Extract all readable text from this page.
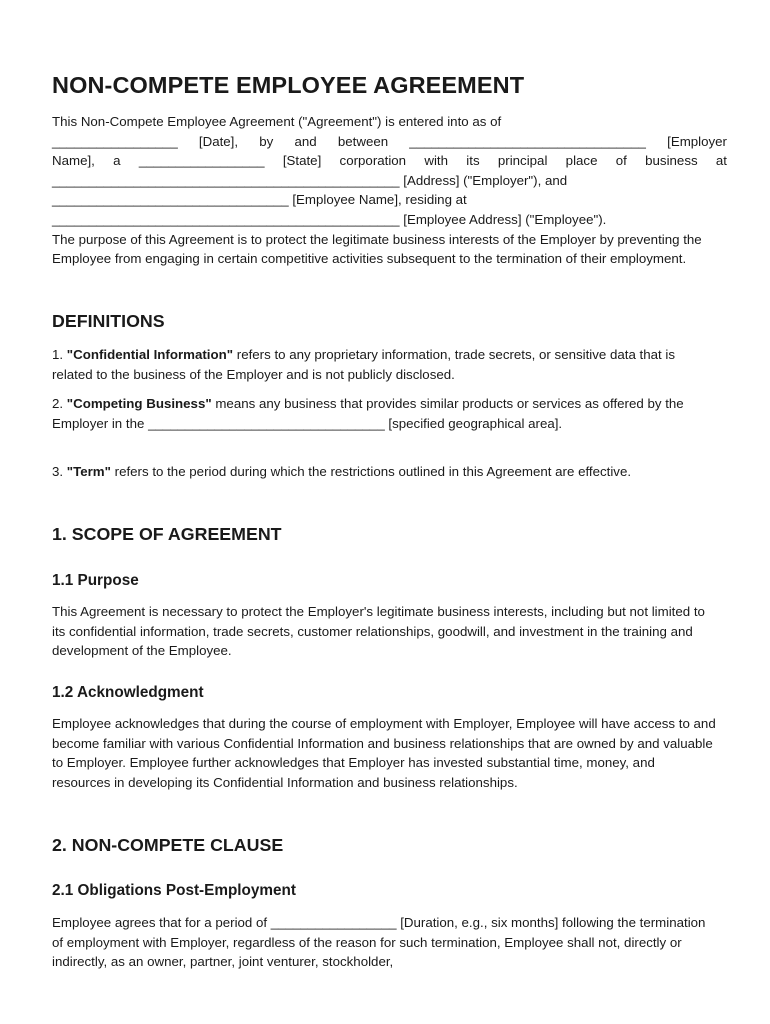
NON-COMPETE EMPLOYEE AGREEMENT
This Non-Compete Employee Agreement ("Agreement") is entered into as of
_________________ [Date], by and between ________________________________ [Employer
Name], a _________________ [State] corporation with its principal place of business at
_______________________________________________ [Address] ("Employer"), and
________________________________ [Employee Name], residing at
_______________________________________________ [Employee Address] ("Employee").
The purpose of this Agreement is to protect the legitimate business interests of the Employer by preventing the Employee from engaging in certain competitive activities subsequent to the termination of their employment.
DEFINITIONS

1. "Confidential Information" refers to any proprietary information, trade secrets, or sensitive data that is related to the business of the Employer and is not publicly disclosed.

2. "Competing Business" means any business that provides similar products or services as offered by the Employer in the ________________________________ [specified geographical area].

3. "Term" refers to the period during which the restrictions outlined in this Agreement are effective.

1. SCOPE OF AGREEMENT
1.1 Purpose

This Agreement is necessary to protect the Employer's legitimate business interests, including but not limited to its confidential information, trade secrets, customer relationships, goodwill, and investment in the training and development of the Employee.

1.2 Acknowledgment

Employee acknowledges that during the course of employment with Employer, Employee will have access to and become familiar with various Confidential Information and business relationships that are owned by and valuable to Employer. Employee further acknowledges that Employer has invested substantial time, money, and resources in developing its Confidential Information and business relationships.

2. NON-COMPETE CLAUSE
2.1 Obligations Post-Employment

Employee agrees that for a period of _________________ [Duration, e.g., six months] following the termination of employment with Employer, regardless of the reason for such termination, Employee shall not, directly or indirectly, as an owner, partner, joint venturer, stockholder,
